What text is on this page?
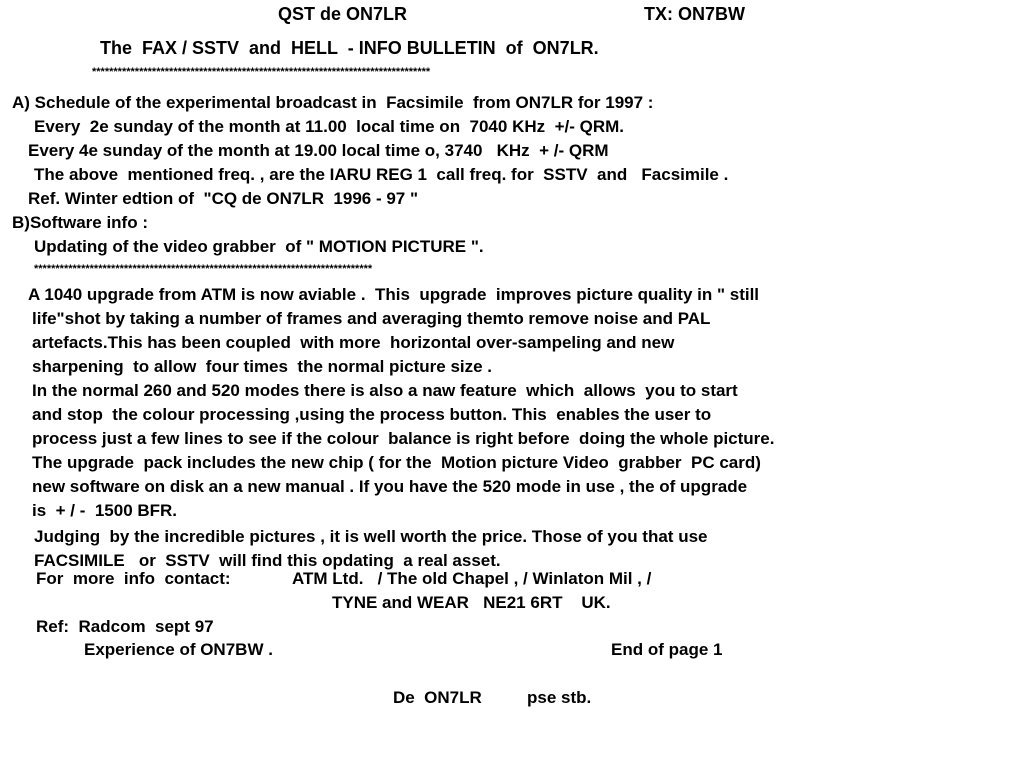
QST de ON7LR	TX: ON7BW
The  FAX / SSTV  and  HELL  - INFO BULLETIN  of  ON7LR.
*******************************************************************************
A) Schedule of the experimental broadcast in  Facsimile  from ON7LR for 1997 :
Every  2e sunday of the month at 11.00  local time on  7040 KHz  +/- QRM.
Every 4e sunday of the month at 19.00 local time o, 3740   KHz  + /- QRM
The above  mentioned freq. , are the IARU REG 1  call freq. for  SSTV  and   Facsimile .
Ref. Winter edtion of  "CQ de ON7LR  1996 - 97 "
B)Software info :
Updating of the video grabber  of " MOTION PICTURE ".
*******************************************************************************
A 1040 upgrade from ATM is now aviable .  This  upgrade  improves picture quality in " still
life"shot by taking a number of frames and averaging themto remove noise and PAL
artefacts.This has been coupled  with more  horizontal over-sampeling and new
sharpening  to allow  four times  the normal picture size .
In the normal 260 and 520 modes there is also a naw feature  which  allows  you to start
and stop  the colour processing ,using the process button. This  enables the user to
process just a few lines to see if the colour  balance is right before  doing the whole picture.
The upgrade  pack includes the new chip ( for the  Motion picture Video  grabber  PC card)
new software on disk an a new manual . If you have the 520 mode in use , the of upgrade
is  + / -  1500 BFR.
Judging  by the incredible pictures , it is well worth the price. Those of you that use
FACSIMILE   or  SSTV  will find this opdating  a real asset.
For  more  info  contact:	ATM Ltd.   / The old Chapel , / Winlaton Mil , /
TYNE and WEAR   NE21 6RT    UK.
Ref:  Radcom  sept 97
Experience of ON7BW .	End of page 1
De  ON7LR	pse stb.
